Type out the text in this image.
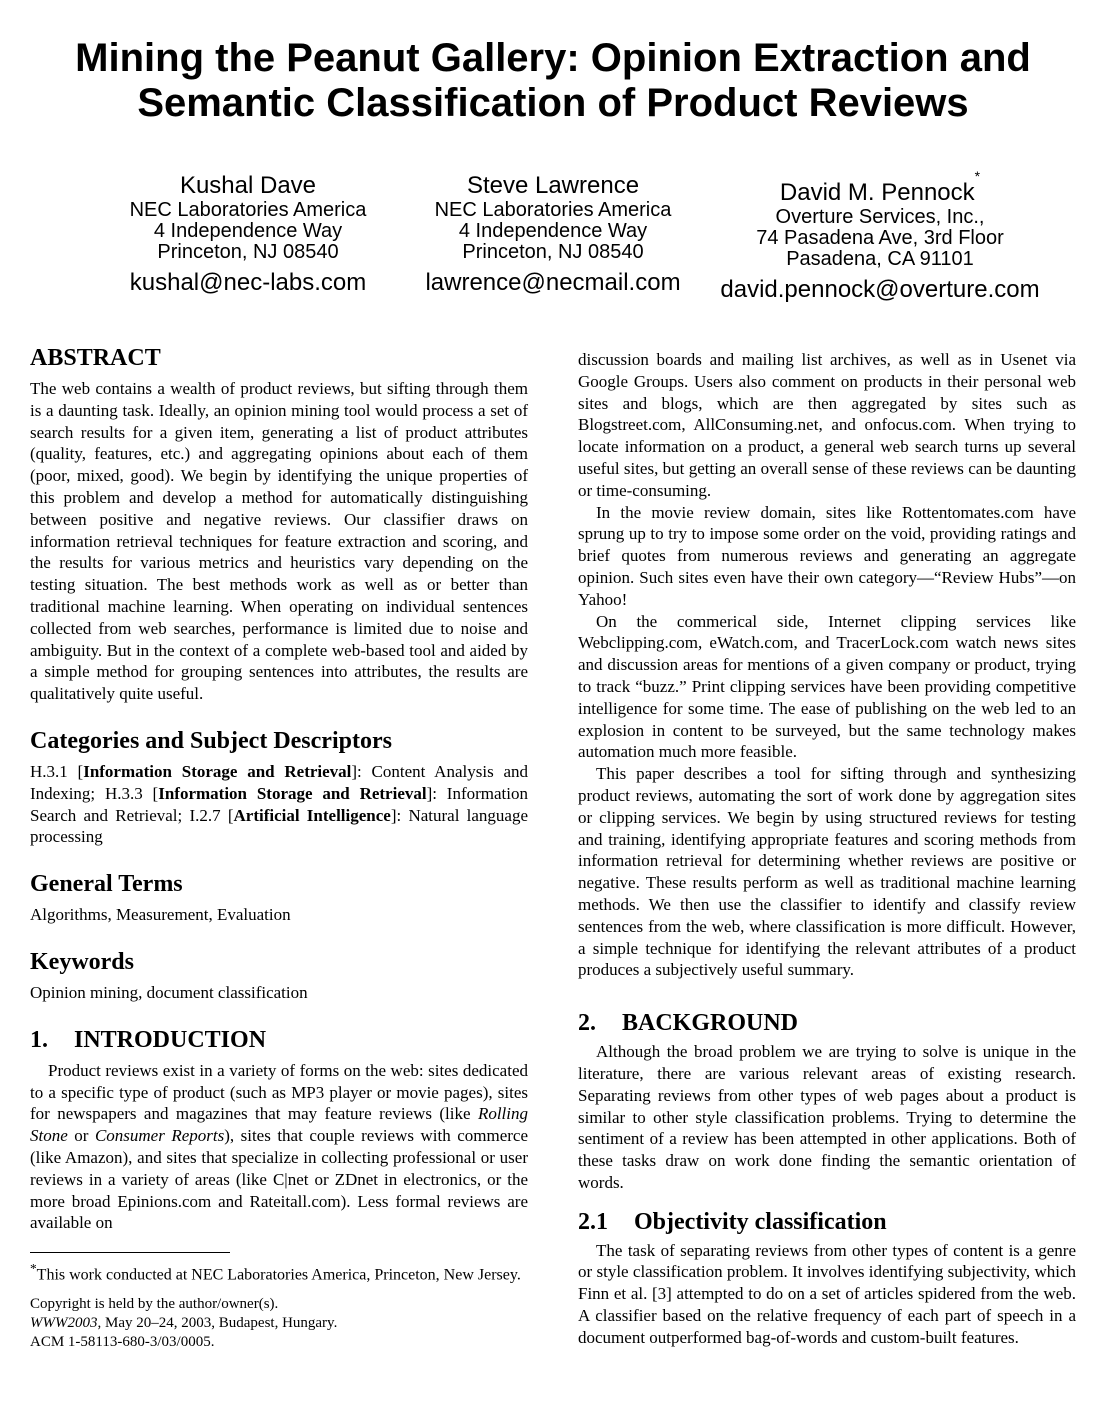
Mining the Peanut Gallery: Opinion Extraction and
Semantic Classification of Product Reviews
Kushal Dave
NEC Laboratories America
4 Independence Way
Princeton, NJ 08540
kushal@nec-labs.com
Steve Lawrence
NEC Laboratories America
4 Independence Way
Princeton, NJ 08540
lawrence@necmail.com
David M. Pennock*
Overture Services, Inc.,
74 Pasadena Ave, 3rd Floor
Pasadena, CA 91101
david.pennock@overture.com
ABSTRACT

The web contains a wealth of product reviews, but sifting through them is a daunting task. Ideally, an opinion mining tool would process a set of search results for a given item, generating a list of product attributes (quality, features, etc.) and aggregating opinions about each of them (poor, mixed, good). We begin by identifying the unique properties of this problem and develop a method for automatically distinguishing between positive and negative reviews. Our classifier draws on information retrieval techniques for feature extraction and scoring, and the results for various metrics and heuristics vary depending on the testing situation. The best methods work as well as or better than traditional machine learning. When operating on individual sentences collected from web searches, performance is limited due to noise and ambiguity. But in the context of a complete web-based tool and aided by a simple method for grouping sentences into attributes, the results are qualitatively quite useful.

Categories and Subject Descriptors

H.3.1 [Information Storage and Retrieval]: Content Analysis and Indexing; H.3.3 [Information Storage and Retrieval]: Information Search and Retrieval; I.2.7 [Artificial Intelligence]: Natural language processing

General Terms

Algorithms, Measurement, Evaluation

Keywords

Opinion mining, document classification

1. INTRODUCTION

Product reviews exist in a variety of forms on the web: sites dedicated to a specific type of product (such as MP3 player or movie pages), sites for newspapers and magazines that may feature reviews (like Rolling Stone or Consumer Reports), sites that couple reviews with commerce (like Amazon), and sites that specialize in collecting professional or user reviews in a variety of areas (like C|net or ZDnet in electronics, or the more broad Epinions.com and Rateitall.com). Less formal reviews are available on

*This work conducted at NEC Laboratories America, Princeton, New Jersey.

Copyright is held by the author/owner(s).
WWW2003, May 20–24, 2003, Budapest, Hungary.
ACM 1-58113-680-3/03/0005.

discussion boards and mailing list archives, as well as in Usenet via Google Groups. Users also comment on products in their personal web sites and blogs, which are then aggregated by sites such as Blogstreet.com, AllConsuming.net, and onfocus.com. When trying to locate information on a product, a general web search turns up several useful sites, but getting an overall sense of these reviews can be daunting or time-consuming.

In the movie review domain, sites like Rottentomates.com have sprung up to try to impose some order on the void, providing ratings and brief quotes from numerous reviews and generating an aggregate opinion. Such sites even have their own category—“Review Hubs”—on Yahoo!

On the commerical side, Internet clipping services like Webclipping.com, eWatch.com, and TracerLock.com watch news sites and discussion areas for mentions of a given company or product, trying to track “buzz.” Print clipping services have been providing competitive intelligence for some time. The ease of publishing on the web led to an explosion in content to be surveyed, but the same technology makes automation much more feasible.

This paper describes a tool for sifting through and synthesizing product reviews, automating the sort of work done by aggregation sites or clipping services. We begin by using structured reviews for testing and training, identifying appropriate features and scoring methods from information retrieval for determining whether reviews are positive or negative. These results perform as well as traditional machine learning methods. We then use the classifier to identify and classify review sentences from the web, where classification is more difficult. However, a simple technique for identifying the relevant attributes of a product produces a subjectively useful summary.

2. BACKGROUND

Although the broad problem we are trying to solve is unique in the literature, there are various relevant areas of existing research. Separating reviews from other types of web pages about a product is similar to other style classification problems. Trying to determine the sentiment of a review has been attempted in other applications. Both of these tasks draw on work done finding the semantic orientation of words.

2.1 Objectivity classification

The task of separating reviews from other types of content is a genre or style classification problem. It involves identifying subjectivity, which Finn et al. [3] attempted to do on a set of articles spidered from the web. A classifier based on the relative frequency of each part of speech in a document outperformed bag-of-words and custom-built features.
